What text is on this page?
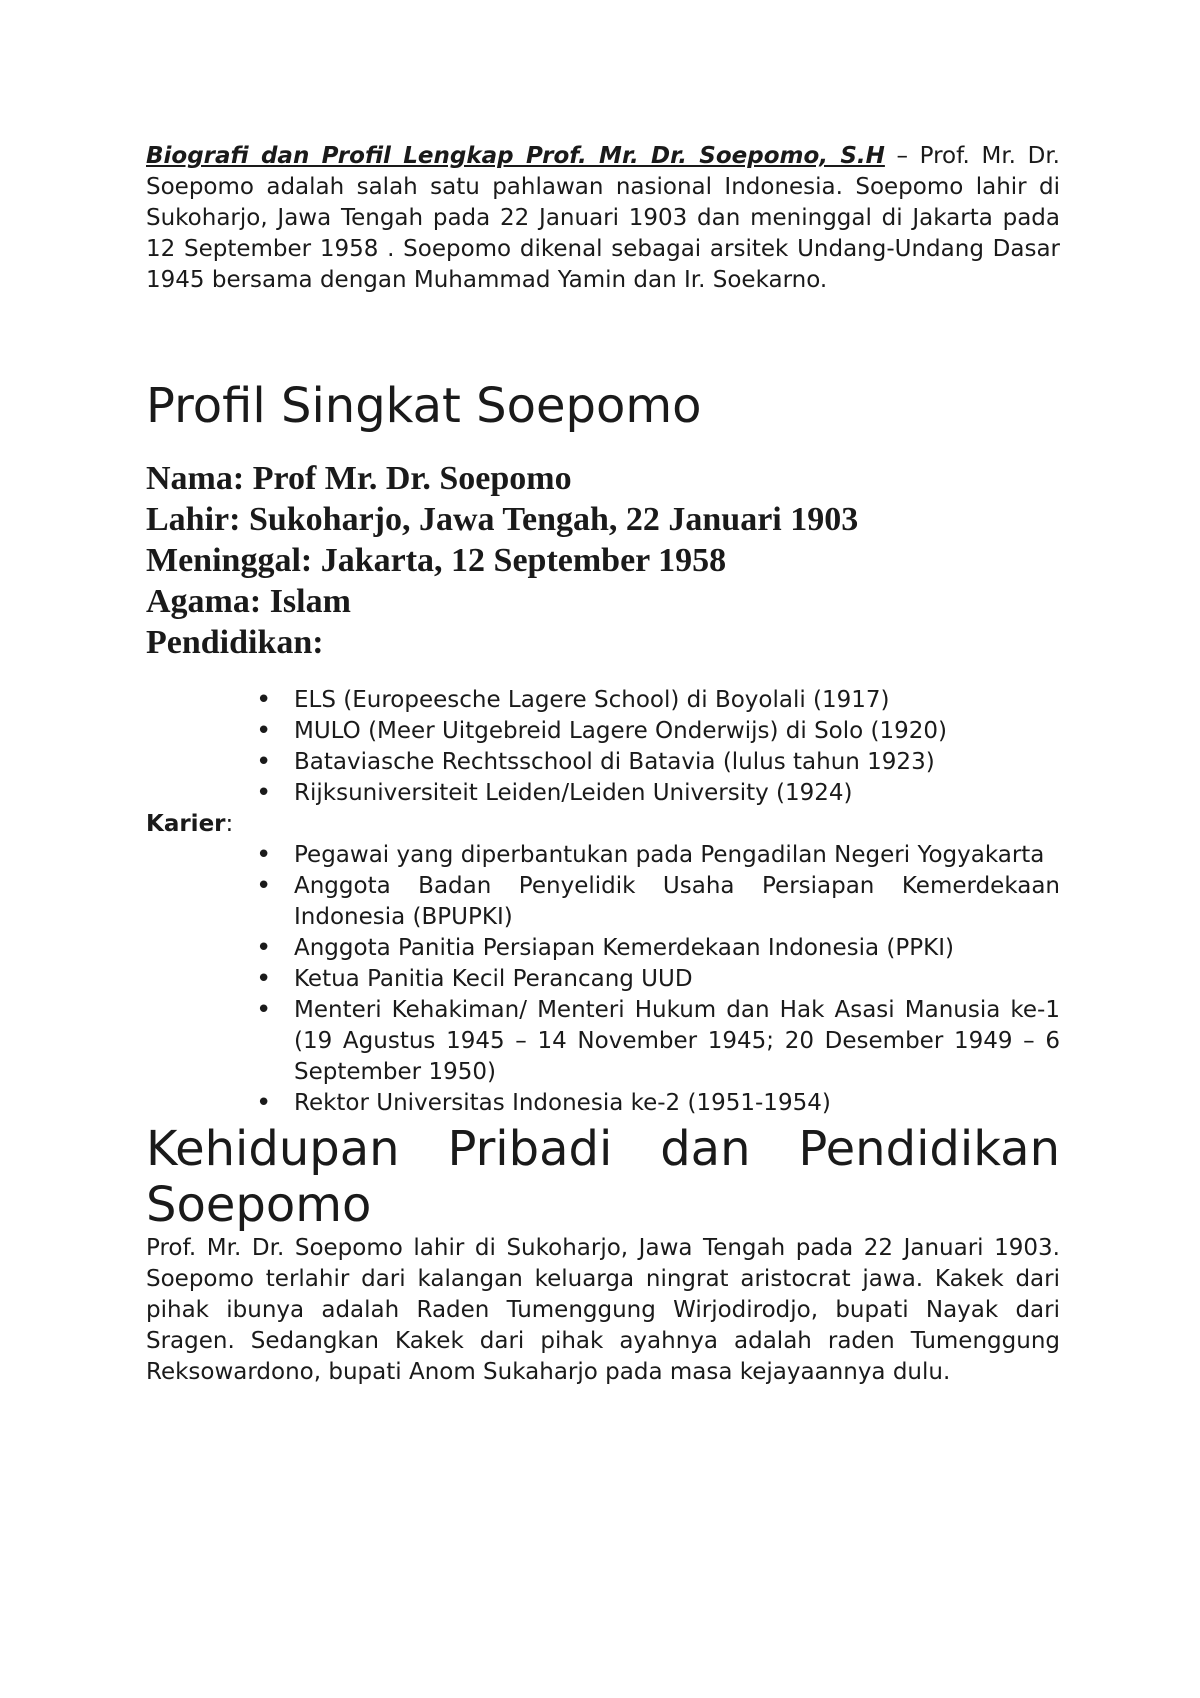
Biografi dan Profil Lengkap Prof. Mr. Dr. Soepomo, S.H – Prof. Mr. Dr. Soepomo adalah salah satu pahlawan nasional Indonesia. Soepomo lahir di Sukoharjo, Jawa Tengah pada 22 Januari 1903 dan meninggal di Jakarta pada 12 September 1958 . Soepomo dikenal sebagai arsitek Undang-Undang Dasar 1945 bersama dengan Muhammad Yamin dan Ir. Soekarno.

Profil Singkat Soepomo

Nama: Prof Mr. Dr. Soepomo

Lahir: Sukoharjo, Jawa Tengah, 22 Januari 1903

Meninggal: Jakarta, 12 September 1958

Agama: Islam

Pendidikan:

• ELS (Europeesche Lagere School) di Boyolali (1917)
• MULO (Meer Uitgebreid Lagere Onderwijs) di Solo (1920)
• Bataviasche Rechtsschool di Batavia (lulus tahun 1923)
• Rijksuniversiteit Leiden/Leiden University (1924)

Karier:

• Pegawai yang diperbantukan pada Pengadilan Negeri Yogyakarta
• Anggota Badan Penyelidik Usaha Persiapan Kemerdekaan Indonesia (BPUPKI)
• Anggota Panitia Persiapan Kemerdekaan Indonesia (PPKI)
• Ketua Panitia Kecil Perancang UUD
• Menteri Kehakiman/ Menteri Hukum dan Hak Asasi Manusia ke-1 (19 Agustus 1945 – 14 November 1945; 20 Desember 1949 – 6 September 1950)
• Rektor Universitas Indonesia ke-2 (1951-1954)
Kehidupan Pribadi dan Pendidikan Soepomo

Prof. Mr. Dr. Soepomo lahir di Sukoharjo, Jawa Tengah pada 22 Januari 1903. Soepomo terlahir dari kalangan keluarga ningrat aristocrat jawa. Kakek dari pihak ibunya adalah Raden Tumenggung Wirjodirodjo, bupati Nayak dari Sragen. Sedangkan Kakek dari pihak ayahnya adalah raden Tumenggung Reksowardono, bupati Anom Sukaharjo pada masa kejayaannya dulu.
